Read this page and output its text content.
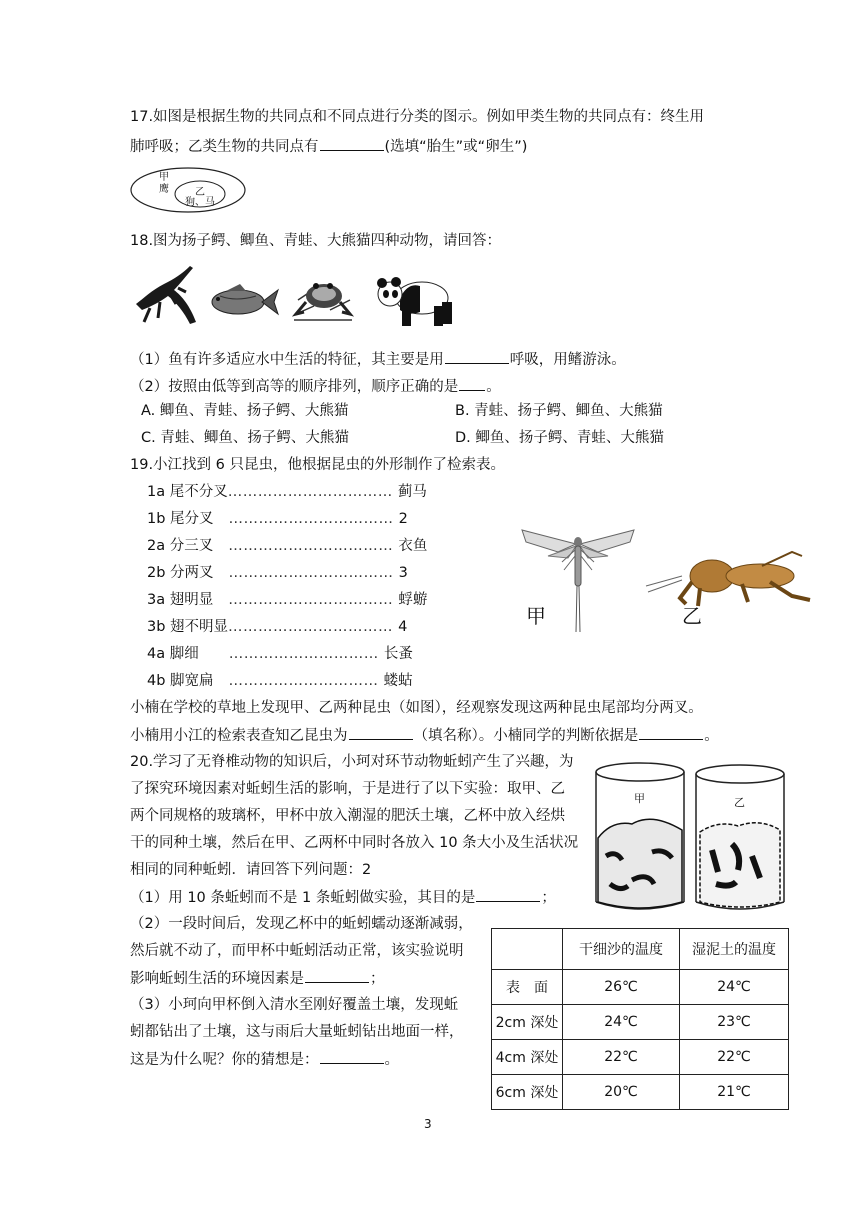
17.如图是根据生物的共同点和不同点进行分类的图示。例如甲类生物的共同点有：终生用
肺呼吸；乙类生物的共同点有	(选填“胎生”或“卵生”)
甲
鹰	乙
狗、马
18.图为扬子鳄、鲫鱼、青蛙、大熊猫四种动物，请回答：
（1）鱼有许多适应水中生活的特征，其主要是用	呼吸，用鳍游泳。
（2）按照由低等到高等的顺序排列，顺序正确的是 。
A. 鲫鱼、青蛙、扬子鳄、大熊猫	B. 青蛙、扬子鳄、鲫鱼、大熊猫
C. 青蛙、鲫鱼、扬子鳄、大熊猫	D. 鲫鱼、扬子鳄、青蛙、大熊猫
19.小江找到 6 只昆虫，他根据昆虫的外形制作了检索表。
1a 尾不分叉…………………………… 蓟马
1b 尾分叉　…………………………… 2
2a 分三叉　…………………………… 衣鱼
2b 分两叉　…………………………… 3
3a 翅明显　…………………………… 蜉蝣
3b 翅不明显…………………………… 4
4a 脚细　　………………………… 长蚤
4b 脚宽扁　………………………… 蝼蛄
甲	乙
小楠在学校的草地上发现甲、乙两种昆虫（如图），经观察发现这两种昆虫尾部均分两叉。
小楠用小江的检索表查知乙昆虫为	（填名称）。小楠同学的判断依据是	。
20.学习了无脊椎动物的知识后，小珂对环节动物蚯蚓产生了兴趣，为
了探究环境因素对蚯蚓生活的影响，于是进行了以下实验：取甲、乙
两个同规格的玻璃杯，甲杯中放入潮湿的肥沃土壤，乙杯中放入经烘
干的同种土壤，然后在甲、乙两杯中同时各放入 10 条大小及生活状况
相同的同种蚯蚓．请回答下列问题：2
甲	乙
（1）用 10 条蚯蚓而不是 1 条蚯蚓做实验，其目的是	；
（2）一段时间后，发现乙杯中的蚯蚓蠕动逐渐减弱，
然后就不动了，而甲杯中蚯蚓活动正常，该实验说明
影响蚯蚓生活的环境因素是	；
（3）小珂向甲杯倒入清水至刚好覆盖土壤，发现蚯
蚓都钻出了土壤，这与雨后大量蚯蚓钻出地面一样，
这是为什么呢？你的猜想是：	。
	干细沙的温度	湿泥土的温度
表　面	26℃	24℃
2cm 深处	24℃	23℃
4cm 深处	22℃	22℃
6cm 深处	20℃	21℃
3
